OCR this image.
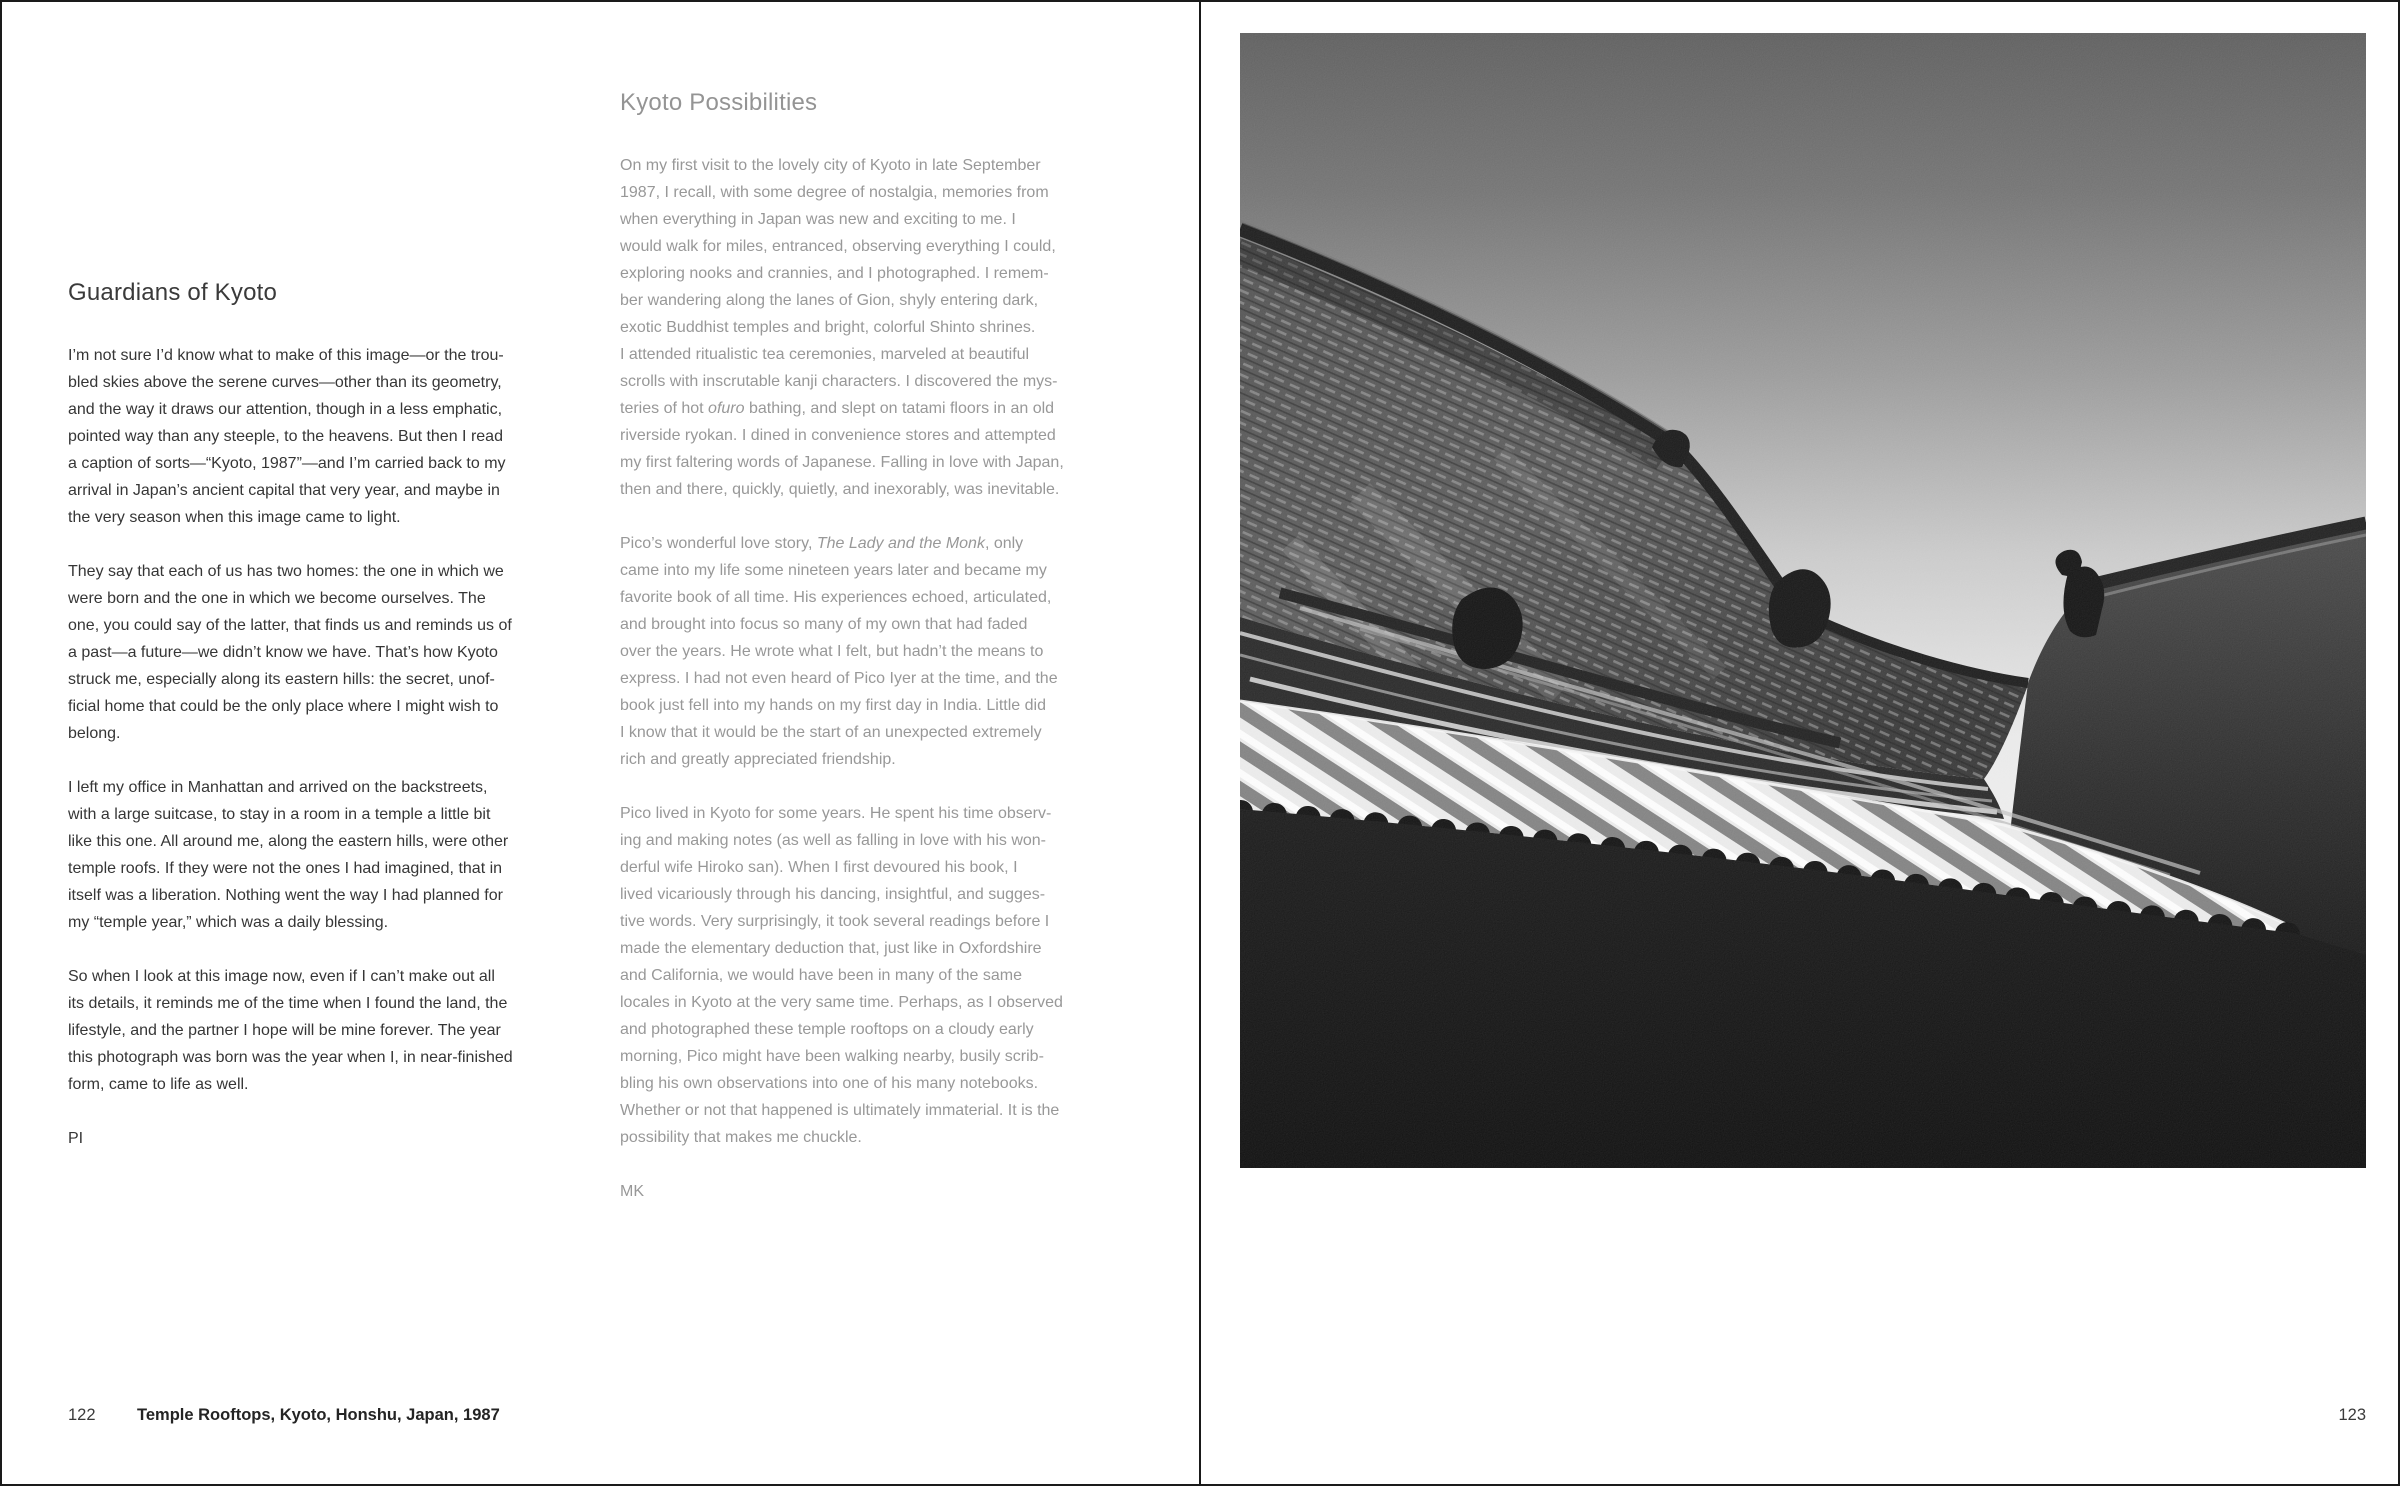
Guardians of Kyoto

I’m not sure I’d know what to make of this image—or the trou-
bled skies above the serene curves—other than its geometry,
and the way it draws our attention, though in a less emphatic,
pointed way than any steeple, to the heavens. But then I read
a caption of sorts—“Kyoto, 1987”—and I’m carried back to my
arrival in Japan’s ancient capital that very year, and maybe in
the very season when this image came to light.

They say that each of us has two homes: the one in which we
were born and the one in which we become ourselves. The
one, you could say of the latter, that finds us and reminds us of
a past—a future—we didn’t know we have. That’s how Kyoto
struck me, especially along its eastern hills: the secret, unof-
ficial home that could be the only place where I might wish to
belong.

I left my office in Manhattan and arrived on the backstreets,
with a large suitcase, to stay in a room in a temple a little bit
like this one. All around me, along the eastern hills, were other
temple roofs. If they were not the ones I had imagined, that in
itself was a liberation. Nothing went the way I had planned for
my “temple year,” which was a daily blessing.

So when I look at this image now, even if I can’t make out all
its details, it reminds me of the time when I found the land, the
lifestyle, and the partner I hope will be mine forever. The year
this photograph was born was the year when I, in near-finished
form, came to life as well.

PI
Kyoto Possibilities

On my first visit to the lovely city of Kyoto in late September
1987, I recall, with some degree of nostalgia, memories from
when everything in Japan was new and exciting to me. I
would walk for miles, entranced, observing everything I could,
exploring nooks and crannies, and I photographed. I remem-
ber wandering along the lanes of Gion, shyly entering dark,
exotic Buddhist temples and bright, colorful Shinto shrines.
I attended ritualistic tea ceremonies, marveled at beautiful
scrolls with inscrutable kanji characters. I discovered the mys-
teries of hot ofuro bathing, and slept on tatami floors in an old
riverside ryokan. I dined in convenience stores and attempted
my first faltering words of Japanese. Falling in love with Japan,
then and there, quickly, quietly, and inexorably, was inevitable.

Pico’s wonderful love story, The Lady and the Monk, only
came into my life some nineteen years later and became my
favorite book of all time. His experiences echoed, articulated,
and brought into focus so many of my own that had faded
over the years. He wrote what I felt, but hadn’t the means to
express. I had not even heard of Pico Iyer at the time, and the
book just fell into my hands on my first day in India. Little did
I know that it would be the start of an unexpected extremely
rich and greatly appreciated friendship.

Pico lived in Kyoto for some years. He spent his time observ-
ing and making notes (as well as falling in love with his won-
derful wife Hiroko san). When I first devoured his book, I
lived vicariously through his dancing, insightful, and sugges-
tive words. Very surprisingly, it took several readings before I
made the elementary deduction that, just like in Oxfordshire
and California, we would have been in many of the same
locales in Kyoto at the very same time. Perhaps, as I observed
and photographed these temple rooftops on a cloudy early
morning, Pico might have been walking nearby, busily scrib-
bling his own observations into one of his many notebooks.
Whether or not that happened is ultimately immaterial. It is the
possibility that makes me chuckle.

MK
122	Temple Rooftops, Kyoto, Honshu, Japan, 1987	123
